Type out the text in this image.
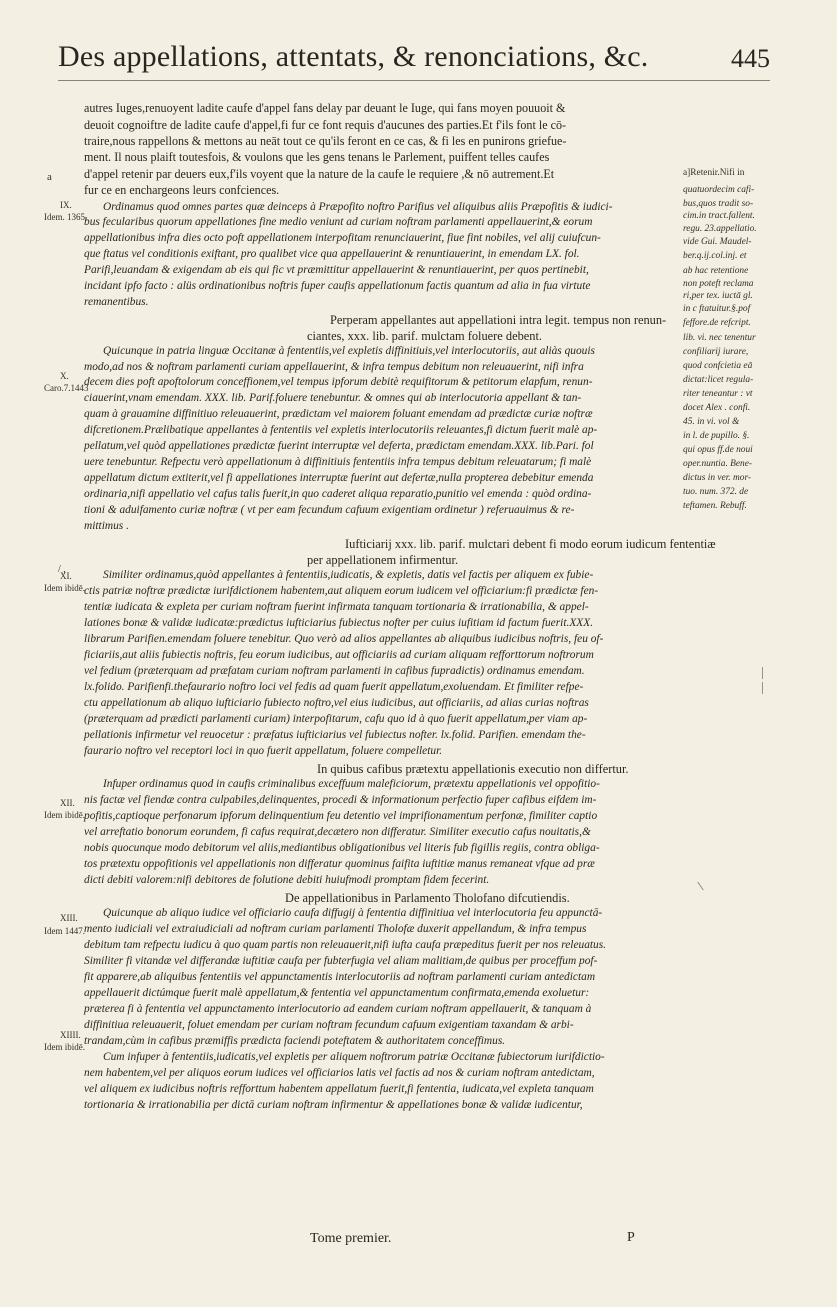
Des appellations, attentats, & renonciations, &c.	445
autres Iuges,renuoyent ladite caufe d'appel fans delay par deuant le Iuge, qui fans moyen pouuoit &
deuoit cognoiftre de ladite caufe d'appel,fi fur ce font requis d'aucunes des parties.Et f'ils font le cō-
traire,nous rappellons & mettons au neāt tout ce qu'ils feront en ce cas, & fi les en punirons griefue-
ment. Il nous plaift toutesfois, & voulons que les gens tenans le Parlement, puiffent telles caufes
d'appel retenir par deuers eux,f'ils voyent que la nature de la caufe le requiere ,& nō autrement.Et
fur ce en enchargeons leurs confciences.
Ordinamus quod omnes partes quæ deinceps à Præpofito noftro Parifius vel aliquibus aliis Præpofitis & iudici-
bus fecularibus quorum appellationes fine medio veniunt ad curiam noftram parlamenti appellauerint,& eorum
appellationibus infra dies octo poft appellationem interpofitam renunciauerint, fiue fint nobiles, vel alij cuiufcun-
que ftatus vel conditionis exiftant, pro qualibet vice qua appellauerint & renuntiauerint, in emendam LX. fol.
Parifi,leuandam & exigendam ab eis qui fic vt præmittitur appellauerint & renuntiauerint, per quos pertinebit,
incidant ipfo facto : alüs ordinationibus noftris fuper caufis appellationum factis quantum ad alia in fua virtute
remanentibus.
Perperam appellantes aut appellationi intra legit. tempus non renun-
ciantes, xxx. lib. parif. mulctam foluere debent.
Quicunque in patria linguæ Occitanæ à fententiis,vel expletis diffinitiuis,vel interlocutoriis, aut aliàs quouis
modo,ad nos & noftram parlamenti curiam appellauerint, & infra tempus debitum non releuauerint, nifi infra
decem dies poft apoftolorum conceffionem,vel tempus ipforum debitè requifitorum & petitorum elapfum, renun-
ciauerint,vnam emendam. XXX. lib. Parif.foluere tenebuntur. & omnes qui ab interlocutoria appellant & tan-
quam à grauamine diffinitiuo releuauerint, prædictam vel maiorem foluant emendam ad prædictæ curiæ noftræ
difcretionem.Prælibatique appellantes à fententiis vel expletis interlocutoriis releuantes,fi dictum fuerit malè ap-
pellatum,vel quòd appellationes prædictæ fuerint interruptæ vel deferta, prædictam emendam.XXX. lib.Pari. fol
uere tenebuntur. Refpectu verò appellationum à diffinitiuis fententiis infra tempus debitum releuatarum; fi malè
appellatum dictum extiterit,vel fi appellationes interruptæ fuerint aut defertæ,nulla propterea debebitur emenda
ordinaria,nifi appellatio vel cafus talis fuerit,in quo caderet aliqua reparatio,punitio vel emenda : quòd ordina-
tioni & aduifamento curiæ noftræ ( vt per eam fecundum cafuum exigentiam ordinetur ) referuauimus & re-
mittimus .
Iufticiarij xxx. lib. parif. mulctari debent fi modo eorum iudicum fententiæ
per appellationem infirmentur.
Similiter ordinamus,quòd appellantes à fententiis,iudicatis, & expletis, datis vel factis per aliquem ex fubie-
ctis patriæ noftræ prædictæ iurifdictionem habentem,aut aliquem eorum iudicem vel officiarium:fi prædictæ fen-
tentiæ iudicata & expleta per curiam noftram fuerint infirmata tanquam tortionaria & irrationabilia, & appel-
lationes bonæ & validæ iudicatæ:prædictus iufticiarius fubiectus nofter per cuius iufitiam id factum fuerit.XXX.
librarum Parifien.emendam foluere tenebitur. Quo verò ad alios appellantes ab aliquibus iudicibus noftris, feu of-
ficiariis,aut aliis fubiectis noftris, feu eorum iudicibus, aut officiariis ad curiam aliquam refforttorum noftrorum
vel fedium (præterquam ad præfatam curiam noftram parlamenti in cafibus fupradictis) ordinamus emendam.
lx.folido. Parifienfi.thefaurario noftro loci vel fedis ad quam fuerit appellatum,exoluendam. Et fimiliter refpe-
ctu appellationum ab aliquo iufticiario fubiecto noftro,vel eius iudicibus, aut officiariis, ad alias curias noftras
(præterquam ad prædicti parlamenti curiam) interpofitarum, cafu quo id à quo fuerit appellatum,per viam ap-
pellationis infirmetur vel reuocetur : præfatus iufticiarius vel fubiectus nofter. lx.folid. Parifien. emendam the-
faurario noftro vel receptori loci in quo fuerit appellatum, foluere compelletur.
In quibus cafibus prætextu appellationis executio non differtur.
Infuper ordinamus quod in caufis criminalibus exceffuum maleficiorum, prætextu appellationis vel oppofitio-
nis factæ vel fiendæ contra culpabiles,delinquentes, procedi & informationum perfectio fuper cafibus eifdem im-
pofitis,captioque perfonarum ipforum delinquentium feu detentio vel imprifionamentum perfonæ, fimiliter captio
vel arreftatio bonorum eorundem, fi cafus requirat,decætero non differatur. Similiter executio cafus nouitatis,&
nobis quocunque modo debitorum vel aliis,mediantibus obligationibus vel literis fub figillis regiis, contra obliga-
tos prætextu oppofitionis vel appellationis non differatur quominus faifita iuftitiæ manus remaneat vfque ad præ
dicti debiti valorem:nifi debitores de folutione debiti huiufmodi promptam fidem fecerint.
De appellationibus in Parlamento Tholofano difcutiendis.
Quicunque ab aliquo iudice vel officiario caufa diffugij à fententia diffinitiua vel interlocutoria feu appunctā-
mento iudiciali vel extraiudiciali ad noftram curiam parlamenti Tholofæ duxerit appellandum, & infra tempus
debitum tam refpectu iudicu à quo quam partis non releuauerit,nifi iufta caufa præpeditus fuerit per nos releuatus.
Similiter fi vitandæ vel differandæ iuftitiæ caufa per fubterfugia vel aliam malitiam,de quibus per proceffum pof-
fit apparere,ab aliquibus fententiis vel appunctamentis interlocutoriis ad noftram parlamenti curiam antedictam
appellauerit dictúmque fuerit malè appellatum,& fententia vel appunctamentum confirmata,emenda exoluetur:
præterea fi à fententia vel appunctamento interlocutorio ad eandem curiam noftram appellauerit, & tanquam à
diffinitiua releuauerit, foluet emendam per curiam noftram fecundum cafuum exigentiam taxandam & arbi-
trandam,cùm in cafibus præmiffis prædicta faciendi poteftatem & authoritatem conceffimus.
Cum infuper à fententiis,iudicatis,vel expletis per aliquem noftrorum patriæ Occitanæ fubiectorum iurifdictio-
nem habentem,vel per aliquos eorum iudices vel officiarios latis vel factis ad nos & curiam noftram antedictam,
vel aliquem ex iudicibus noftris refforttum habentem appellatum fuerit,fi fententia, iudicata,vel expleta tanquam
tortionaria & irrationabilia per dictā curiam noftram infirmentur & appellationes bonæ & validæ iudicentur,
IX.
Idem. 1365.
X.
Caro.7.1443
XI.
Idem ibidē.
XII.
Idem ibidē.
XIII.
Idem 1447.
XIIII.
Idem ibidē.
a]Retenir.Nifi in
quatuordecim cafi-
bus,quos tradit so-
cim.in tract.fallent.
regu. 23.appellatio.
vide Gui. Maudel-
ber.q.ij.col.inj. et
ab hac retentione
non poteft reclama
ri,per tex. iuctā gl.
in c ftatuitur.§.pof
feffore.de refcript.
lib. vi. nec tenentur
confiliarij iurare,
quod confcietia eā
dictat:licet regula-
riter teneantur : vt
docet Alex . confi.
45. in vi. vol &
in l. de pupillo. §.
qui opus ff.de noui
oper.nuntia. Bene-
dictus in ver. mor-
tuo. num. 372. de
teftamen. Rebuff.
a
/ ,
Tome premier.	P
